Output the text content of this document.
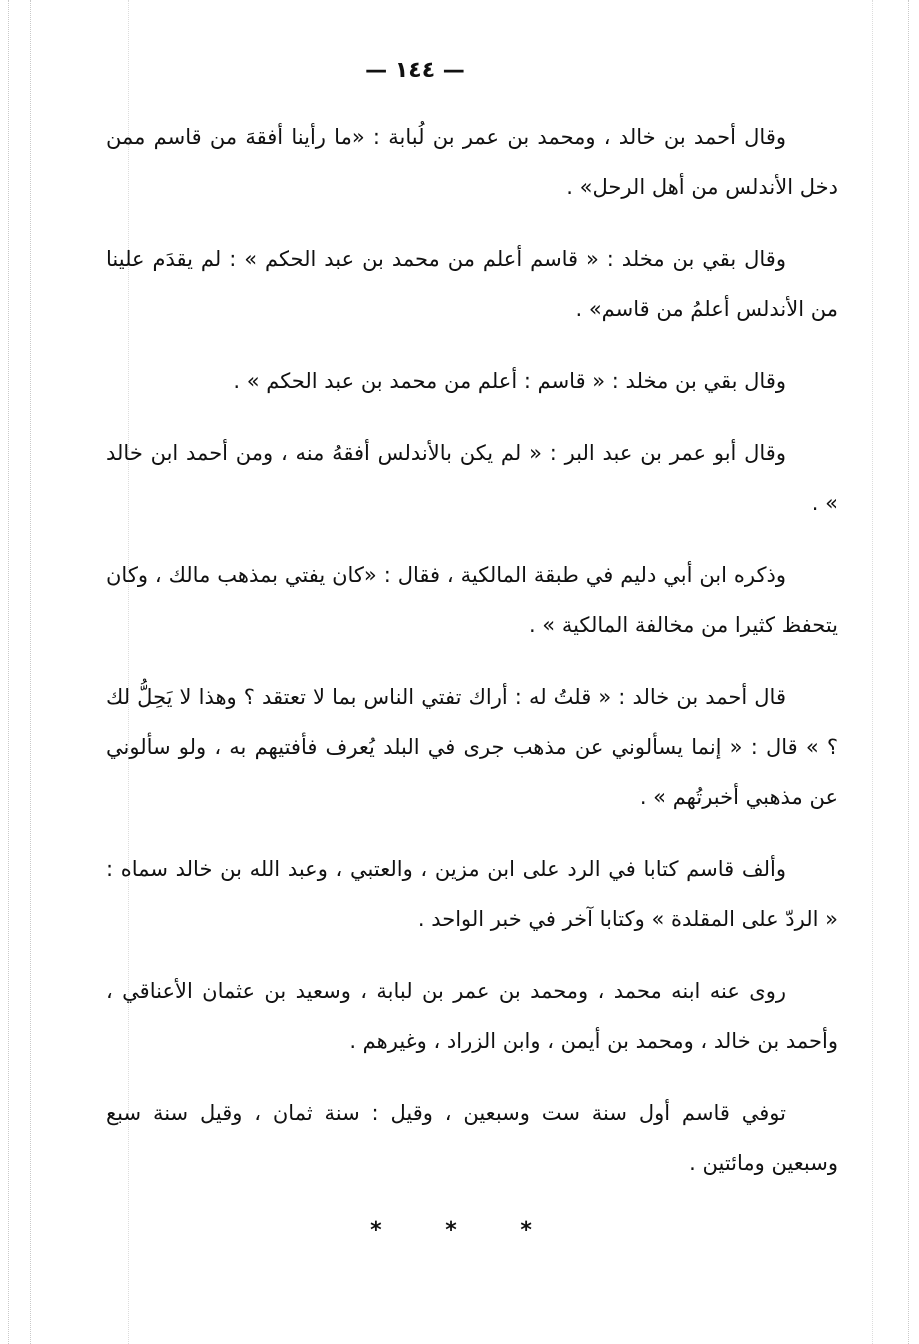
— ١٤٤ —

وقال أحمد بن خالد ، ومحمد بن عمر بن لُبابة : «ما رأينا أفقهَ من قاسم ممن دخل الأندلس من أهل الرحل» .

وقال بقي بن مخلد : « قاسم أعلم من محمد بن عبد الحكم » : لم يقدَم علينا من الأندلس أعلمُ من قاسم» .

وقال بقي بن مخلد : « قاسم : أعلم من محمد بن عبد الحكم » .

وقال أبو عمر بن عبد البر : « لم يكن بالأندلس أفقهُ منه ، ومن أحمد ابن خالد » .

وذكره ابن أبي دليم في طبقة المالكية ، فقال : «كان يفتي بمذهب مالك ، وكان يتحفظ كثيرا من مخالفة المالكية » .

قال أحمد بن خالد : « قلتُ له : أراك تفتي الناس بما لا تعتقد ؟ وهذا لا يَحِلُّ لك ؟ » قال : « إنما يسألوني عن مذهب جرى في البلد يُعرف فأفتيهم به ، ولو سألوني عن مذهبي أخبرتُهم » .

وألف قاسم كتابا في الرد على ابن مزين ، والعتبي ، وعبد الله بن خالد سماه : « الردّ على المقلدة » وكتابا آخر في خبر الواحد .

روى عنه ابنه محمد ، ومحمد بن عمر بن لبابة ، وسعيد بن عثمان الأعناقي ، وأحمد بن خالد ، ومحمد بن أيمن ، وابن الزراد ، وغيرهم .

توفي قاسم أول سنة ست وسبعين ، وقيل : سنة ثمان ، وقيل سنة سبع وسبعين ومائتين .

* * *
